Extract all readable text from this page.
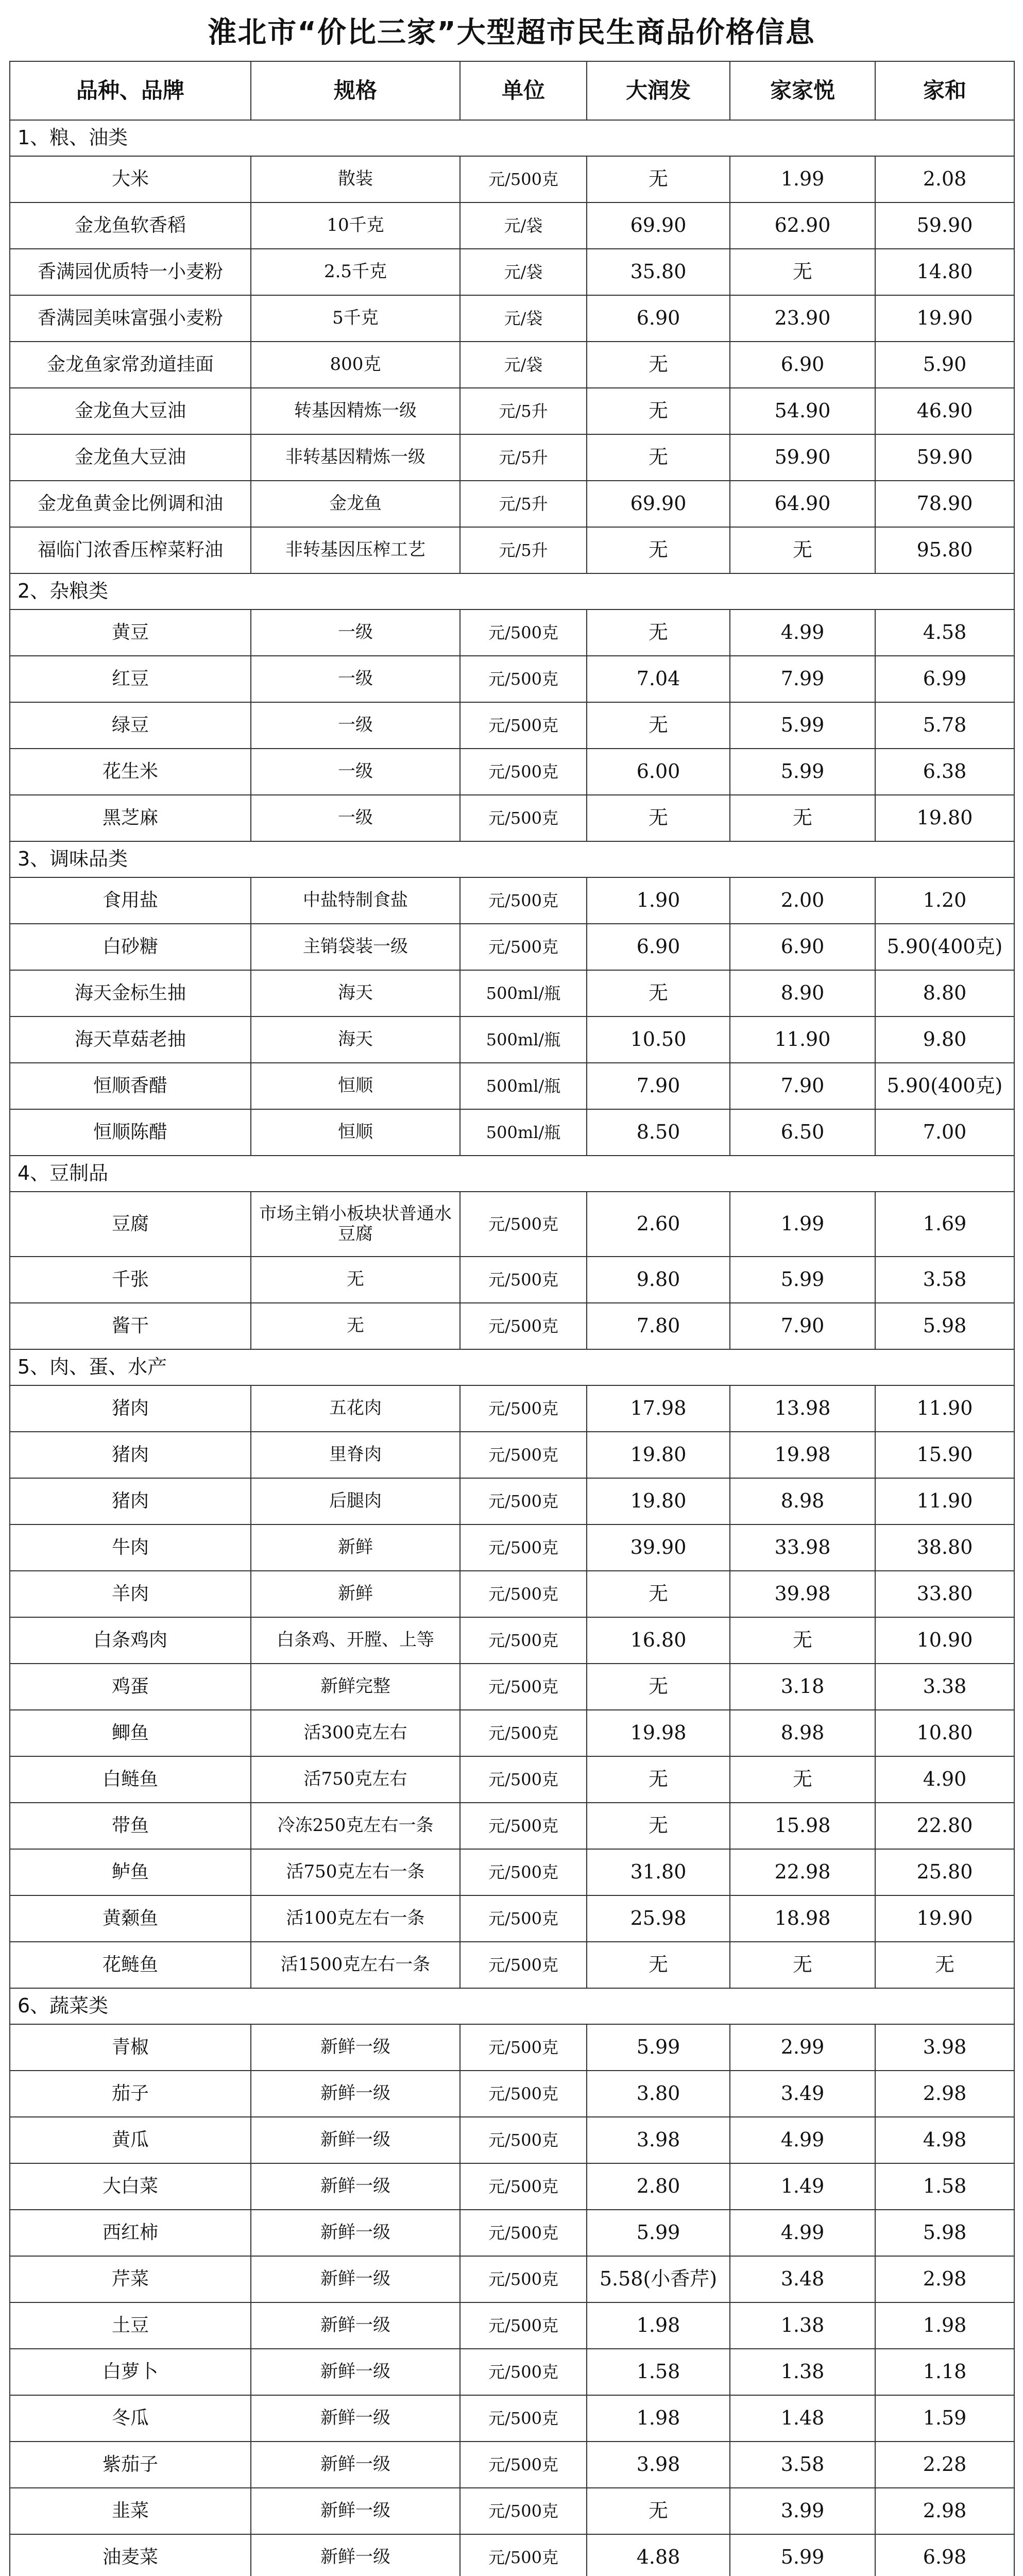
淮北市“价比三家”大型超市民生商品价格信息
品种、品牌	规格	单位	大润发	家家悦	家和
1、粮、油类					
大米	散装	元/500克	无	1.99	2.08
金龙鱼软香稻	10千克	元/袋	69.90	62.90	59.90
香满园优质特一小麦粉	2.5千克	元/袋	35.80	无	14.80
香满园美味富强小麦粉	5千克	元/袋	6.90	23.90	19.90
金龙鱼家常劲道挂面	800克	元/袋	无	6.90	5.90
金龙鱼大豆油	转基因精炼一级	元/5升	无	54.90	46.90
金龙鱼大豆油	非转基因精炼一级	元/5升	无	59.90	59.90
金龙鱼黄金比例调和油	金龙鱼	元/5升	69.90	64.90	78.90
福临门浓香压榨菜籽油	非转基因压榨工艺	元/5升	无	无	95.80
2、杂粮类					
黄豆	一级	元/500克	无	4.99	4.58
红豆	一级	元/500克	7.04	7.99	6.99
绿豆	一级	元/500克	无	5.99	5.78
花生米	一级	元/500克	6.00	5.99	6.38
黑芝麻	一级	元/500克	无	无	19.80
3、调味品类					
食用盐	中盐特制食盐	元/500克	1.90	2.00	1.20
白砂糖	主销袋装一级	元/500克	6.90	6.90	5.90(400克)
海天金标生抽	海天	500ml/瓶	无	8.90	8.80
海天草菇老抽	海天	500ml/瓶	10.50	11.90	9.80
恒顺香醋	恒顺	500ml/瓶	7.90	7.90	5.90(400克)
恒顺陈醋	恒顺	500ml/瓶	8.50	6.50	7.00
4、豆制品					
豆腐	市场主销小板块状普通水豆腐	元/500克	2.60	1.99	1.69
千张	无	元/500克	9.80	5.99	3.58
酱干	无	元/500克	7.80	7.90	5.98
5、肉、蛋、水产					
猪肉	五花肉	元/500克	17.98	13.98	11.90
猪肉	里脊肉	元/500克	19.80	19.98	15.90
猪肉	后腿肉	元/500克	19.80	8.98	11.90
牛肉	新鲜	元/500克	39.90	33.98	38.80
羊肉	新鲜	元/500克	无	39.98	33.80
白条鸡肉	白条鸡、开膛、上等	元/500克	16.80	无	10.90
鸡蛋	新鲜完整	元/500克	无	3.18	3.38
鲫鱼	活300克左右	元/500克	19.98	8.98	10.80
白鲢鱼	活750克左右	元/500克	无	无	4.90
带鱼	冷冻250克左右一条	元/500克	无	15.98	22.80
鲈鱼	活750克左右一条	元/500克	31.80	22.98	25.80
黄颡鱼	活100克左右一条	元/500克	25.98	18.98	19.90
花鲢鱼	活1500克左右一条	元/500克	无	无	无
6、蔬菜类					
青椒	新鲜一级	元/500克	5.99	2.99	3.98
茄子	新鲜一级	元/500克	3.80	3.49	2.98
黄瓜	新鲜一级	元/500克	3.98	4.99	4.98
大白菜	新鲜一级	元/500克	2.80	1.49	1.58
西红柿	新鲜一级	元/500克	5.99	4.99	5.98
芹菜	新鲜一级	元/500克	5.58(小香芹)	3.48	2.98
土豆	新鲜一级	元/500克	1.98	1.38	1.98
白萝卜	新鲜一级	元/500克	1.58	1.38	1.18
冬瓜	新鲜一级	元/500克	1.98	1.48	1.59
紫茄子	新鲜一级	元/500克	3.98	3.58	2.28
韭菜	新鲜一级	元/500克	无	3.99	2.98
油麦菜	新鲜一级	元/500克	4.88	5.99	6.98
